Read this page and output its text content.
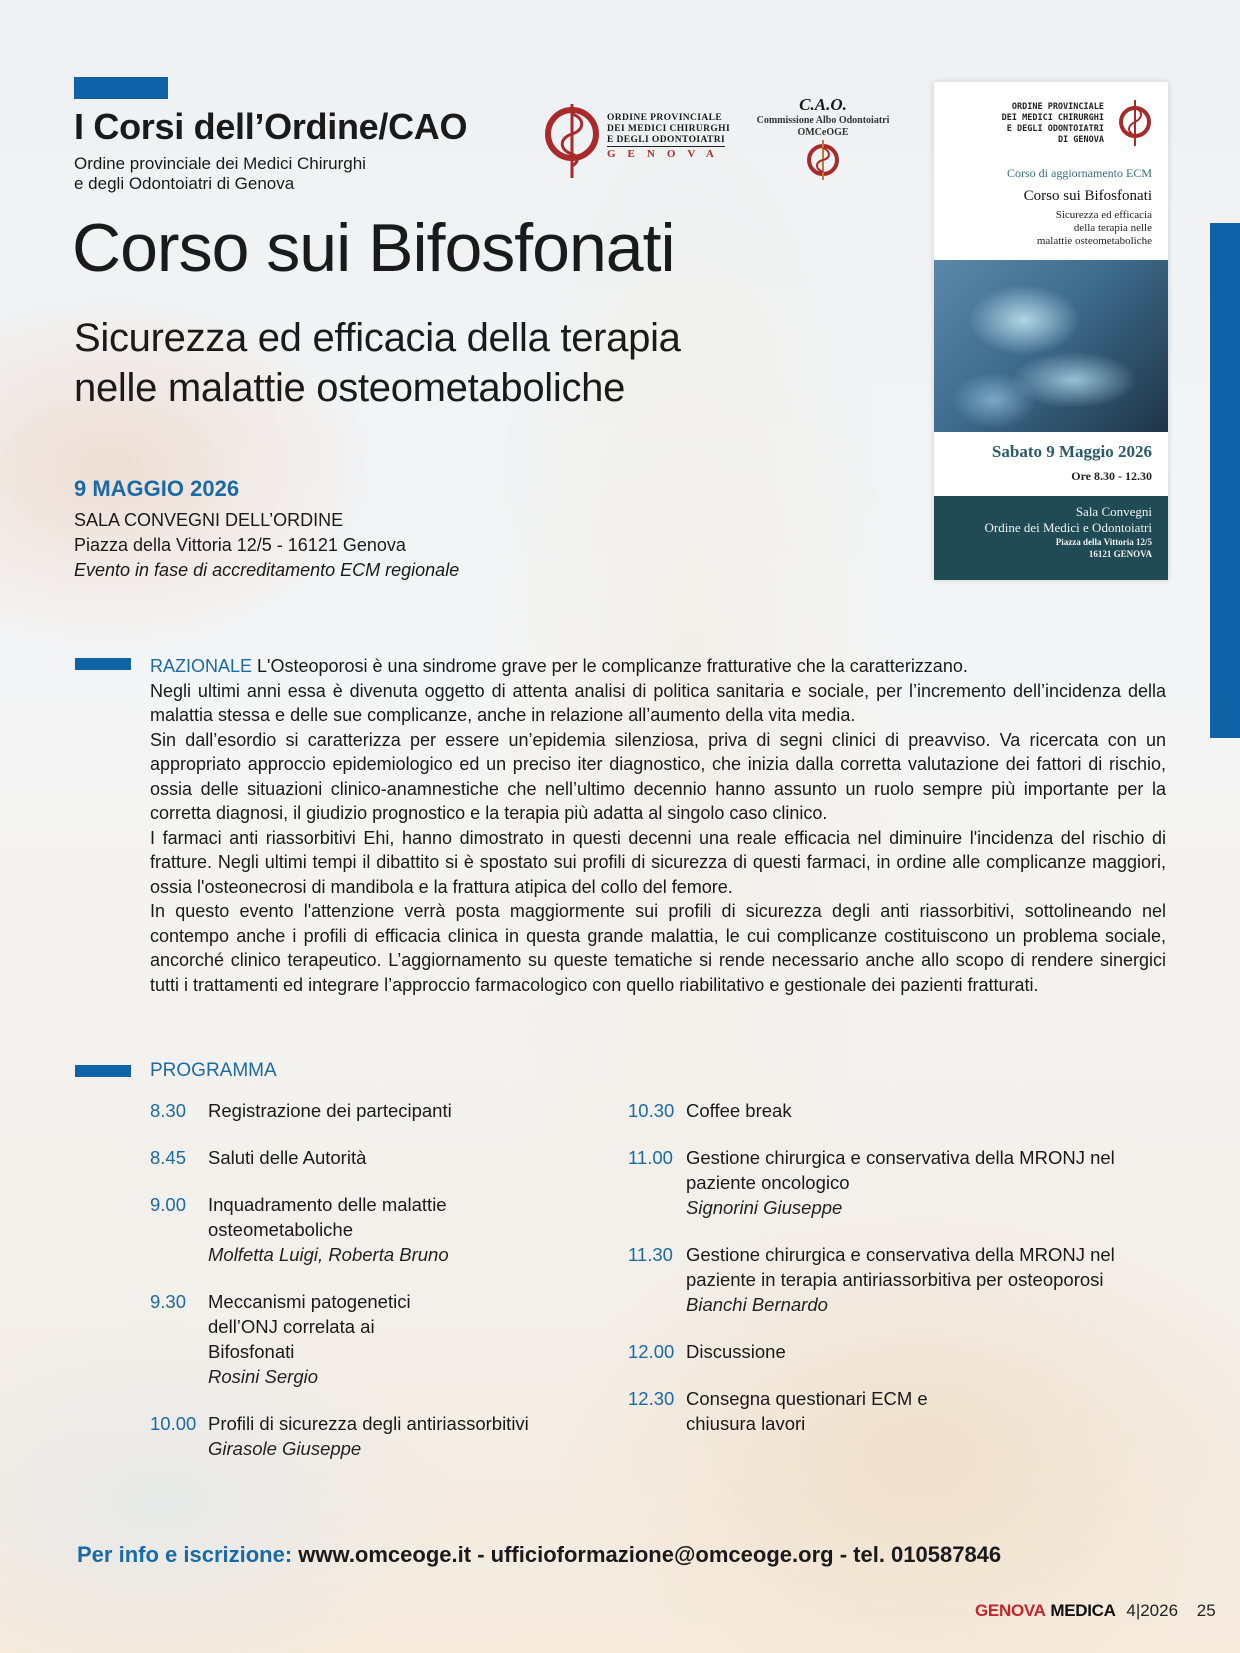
I Corsi dell’Ordine/CAO
Ordine provinciale dei Medici Chirurghi
e degli Odontoiatri di Genova
ORDINE PROVINCIALE
DEI MEDICI CHIRURGHI
E DEGLI ODONTOIATRI
GENOVA
C.A.O.
Commissione Albo Odontoiatri
OMCeOGE
Corso sui Bifosfonati
Sicurezza ed efficacia della terapia
nelle malattie osteometaboliche
9 MAGGIO 2026
SALA CONVEGNI DELL’ORDINE
Piazza della Vittoria 12/5 - 16121 Genova
Evento in fase di accreditamento ECM regionale
ORDINE PROVINCIALE
DEI MEDICI CHIRURGHI
E DEGLI ODONTOIATRI
DI GENOVA
Corso di aggiornamento ECM
Corso sui Bifosfonati
Sicurezza ed efficacia
della terapia nelle
malattie osteometaboliche
Sabato 9 Maggio 2026
Ore 8.30 - 12.30
Sala Convegni
Ordine dei Medici e Odontoiatri
Piazza della Vittoria 12/5
16121 GENOVA

RAZIONALE L'Osteoporosi è una sindrome grave per le complicanze fratturative che la caratterizzano.

Negli ultimi anni essa è divenuta oggetto di attenta analisi di politica sanitaria e sociale, per l’incremento dell’incidenza della malattia stessa e delle sue complicanze, anche in relazione all’aumento della vita media.

Sin dall’esordio si caratterizza per essere un’epidemia silenziosa, priva di segni clinici di preavviso. Va ricercata con un appropriato approccio epidemiologico ed un preciso iter diagnostico, che inizia dalla corretta valutazione dei fattori di rischio, ossia delle situazioni clinico-anamnestiche che nell’ultimo decennio hanno assunto un ruolo sempre più importante per la corretta diagnosi, il giudizio prognostico e la terapia più adatta al singolo caso clinico.

I farmaci anti riassorbitivi Ehi, hanno dimostrato in questi decenni una reale efficacia nel diminuire l'incidenza del rischio di fratture. Negli ultimi tempi il dibattito si è spostato sui profili di sicurezza di questi farmaci, in ordine alle complicanze maggiori, ossia l'osteonecrosi di mandibola e la frattura atipica del collo del femore.

In questo evento l'attenzione verrà posta maggiormente sui profili di sicurezza degli anti riassorbitivi, sottolineando nel contempo anche i profili di efficacia clinica in questa grande malattia, le cui complicanze costituiscono un problema sociale, ancorché clinico terapeutico. L’aggiornamento su queste tematiche si rende necessario anche allo scopo di rendere sinergici tutti i trattamenti ed integrare l’approccio farmacologico con quello riabilitativo e gestionale dei pazienti fratturati.

PROGRAMMA
8.30	Registrazione dei partecipanti
8.45	Saluti delle Autorità
9.00	Inquadramento delle malattie osteometaboliche
Molfetta Luigi, Roberta Bruno
9.30	Meccanismi patogenetici dell’ONJ correlata ai Bifosfonati
Rosini Sergio
10.00 Profili di sicurezza degli antiriassorbitivi
Girasole Giuseppe
10.30 Coffee break
11.00 Gestione chirurgica e conservativa della MRONJ nel paziente oncologico
Signorini Giuseppe
11.30 Gestione chirurgica e conservativa della MRONJ nel paziente in terapia antiriassorbitiva per osteoporosi
Bianchi Bernardo
12.00 Discussione
12.30 Consegna questionari ECM e chiusura lavori
Per info e iscrizione: www.omceoge.it - ufficioformazione@omceoge.org - tel. 010587846
GENOVA MEDICA 4|2026 25
